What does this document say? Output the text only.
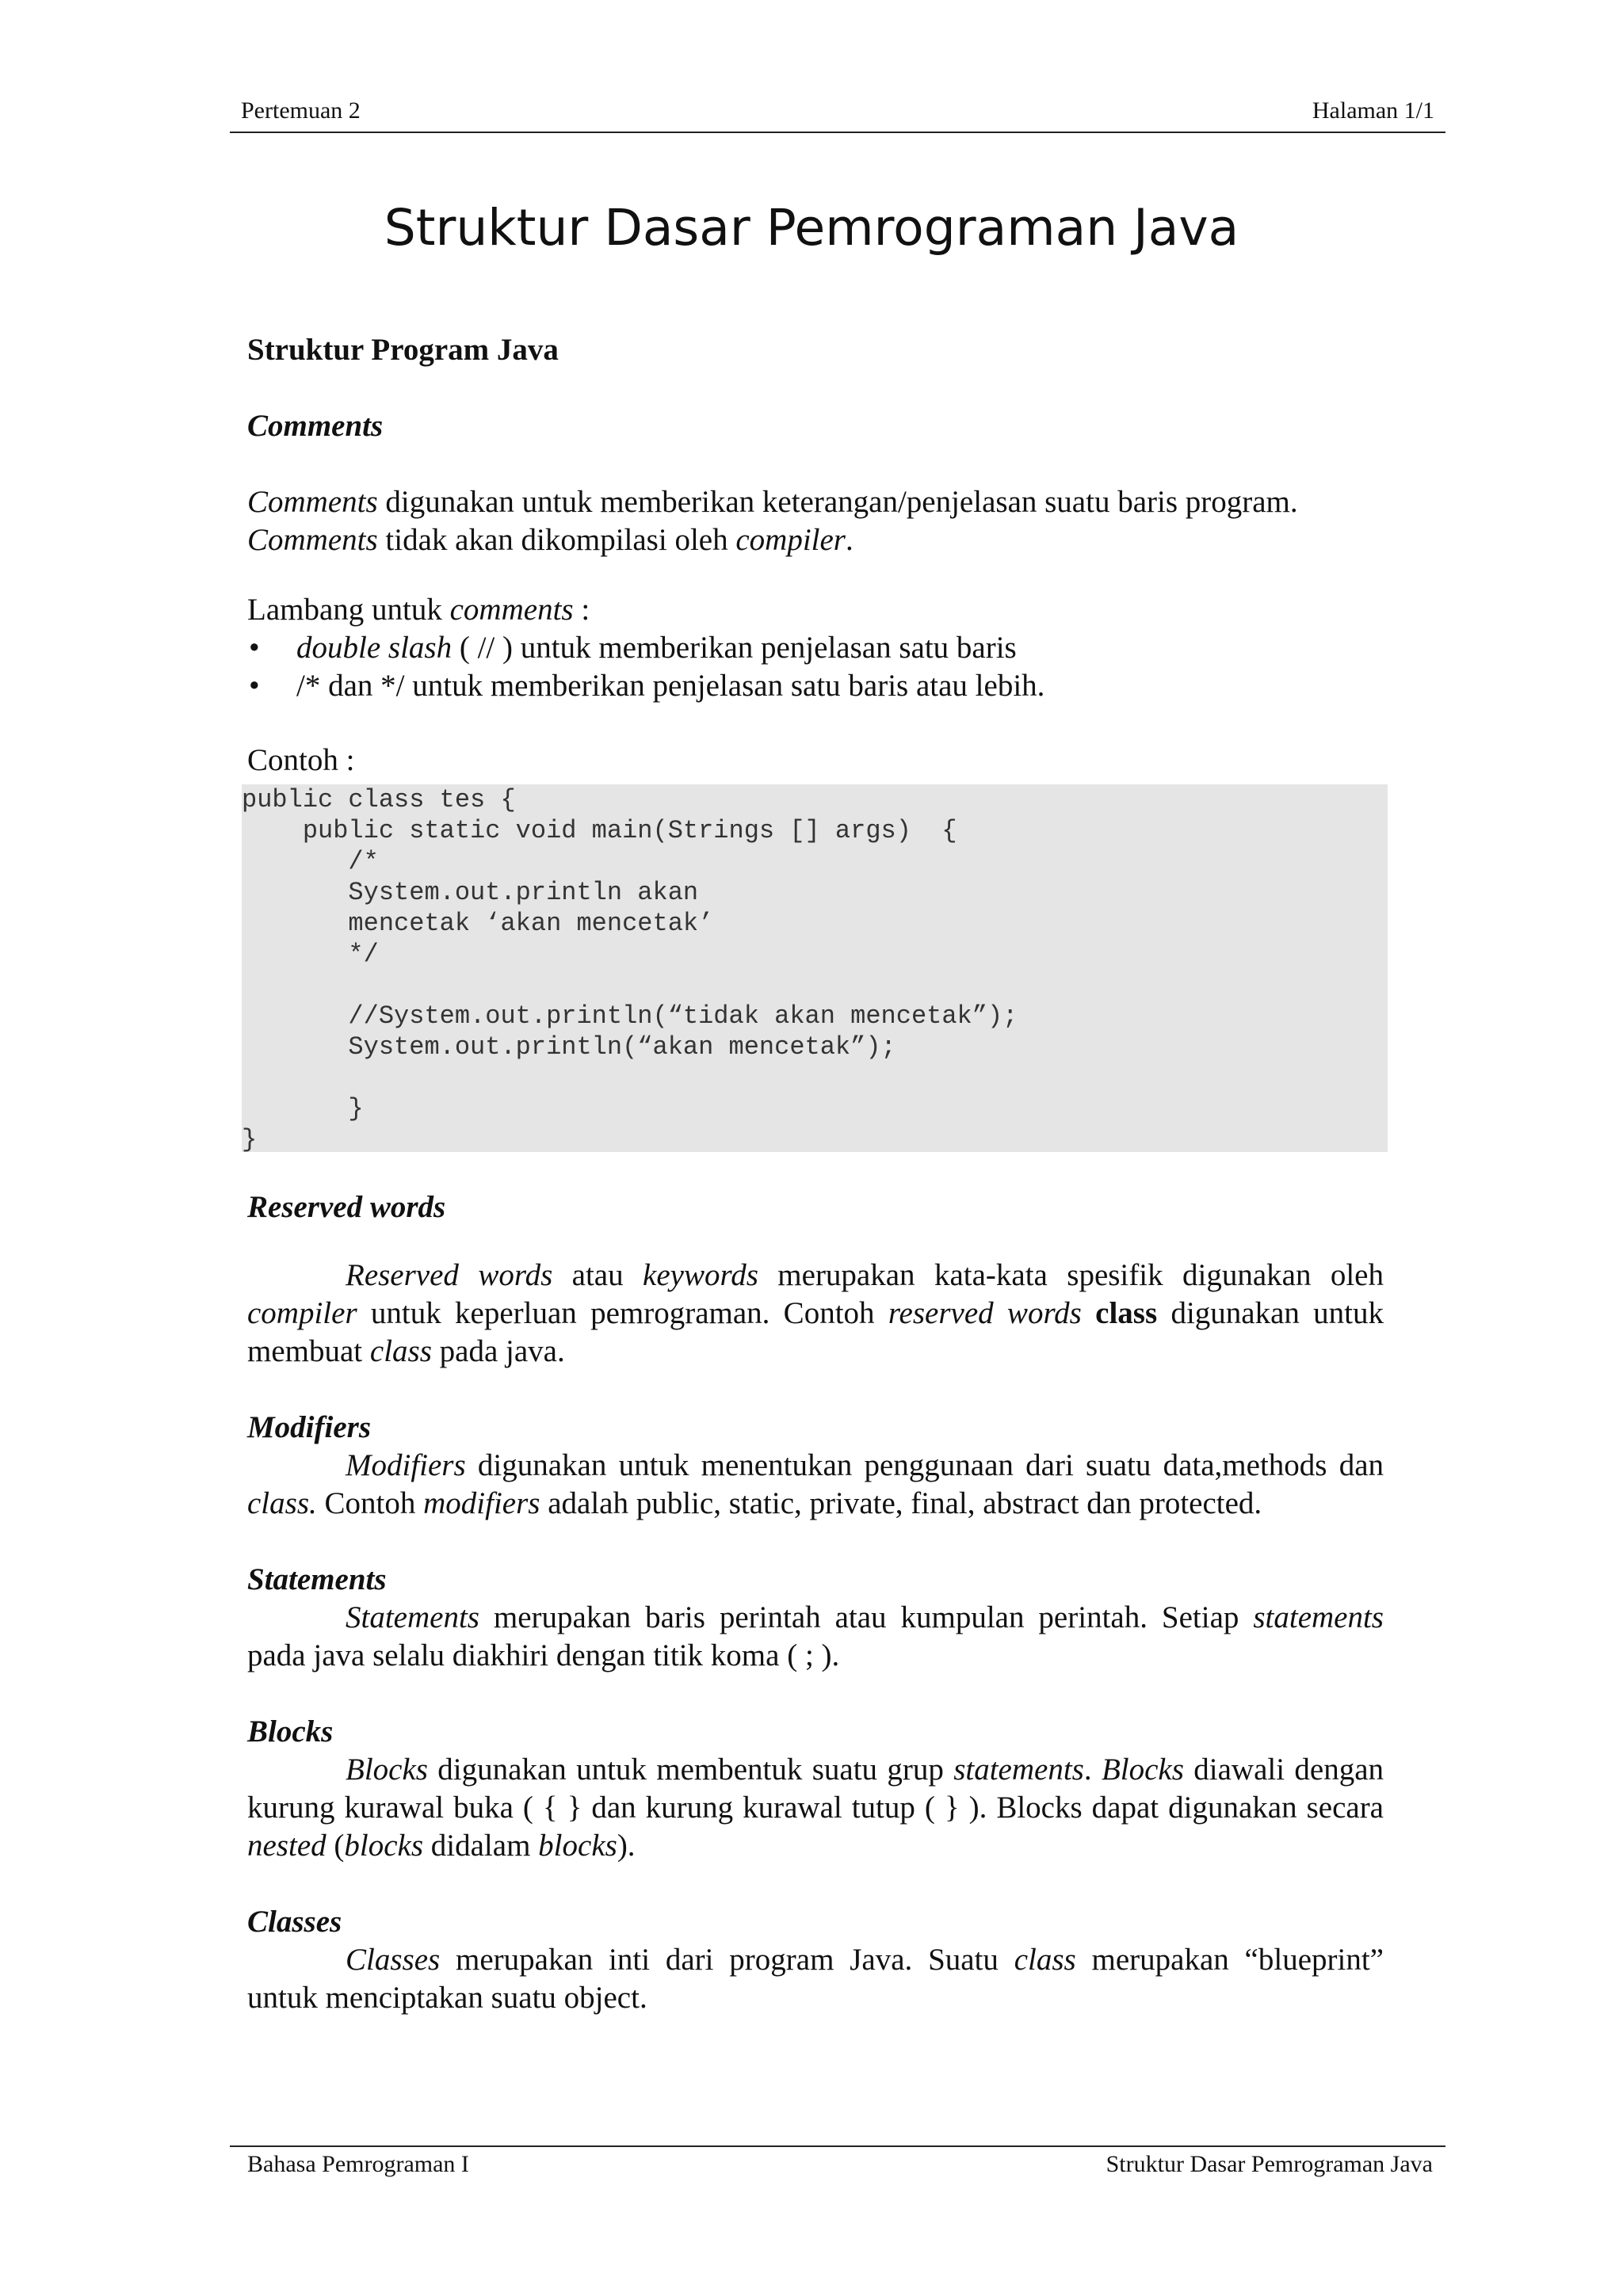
Pertemuan 2	Halaman 1/1
Struktur Dasar Pemrograman Java

Struktur Program Java

Comments

Comments digunakan untuk memberikan keterangan/penjelasan suatu baris program.
Comments tidak akan dikompilasi oleh compiler.

Lambang untuk comments :

• double slash ( // ) untuk memberikan penjelasan satu baris
• /* dan */ untuk memberikan penjelasan satu baris atau lebih.

Contoh :

public class tes {
public static void main(Strings [] args)  {
/*
System.out.println akan
mencetak ‘akan mencetak’
*/
//System.out.println(“tidak akan mencetak”);
System.out.println(“akan mencetak”);
}
}

Reserved words

Reserved words atau keywords merupakan kata-kata spesifik digunakan oleh compiler untuk keperluan pemrograman. Contoh reserved words class digunakan untuk membuat class pada java.

Modifiers

Modifiers digunakan untuk menentukan penggunaan dari suatu data,methods dan class. Contoh modifiers adalah public, static, private, final, abstract dan protected.

Statements

Statements merupakan baris perintah atau kumpulan perintah. Setiap statements pada java selalu diakhiri dengan titik koma ( ; ).

Blocks

Blocks digunakan untuk membentuk suatu grup statements. Blocks diawali dengan kurung kurawal buka ( { } dan kurung kurawal tutup ( } ). Blocks dapat digunakan secara nested (blocks didalam blocks).

Classes

Classes merupakan inti dari program Java. Suatu class merupakan “blueprint” untuk menciptakan suatu object.

Bahasa Pemrograman I	Struktur Dasar Pemrograman Java
